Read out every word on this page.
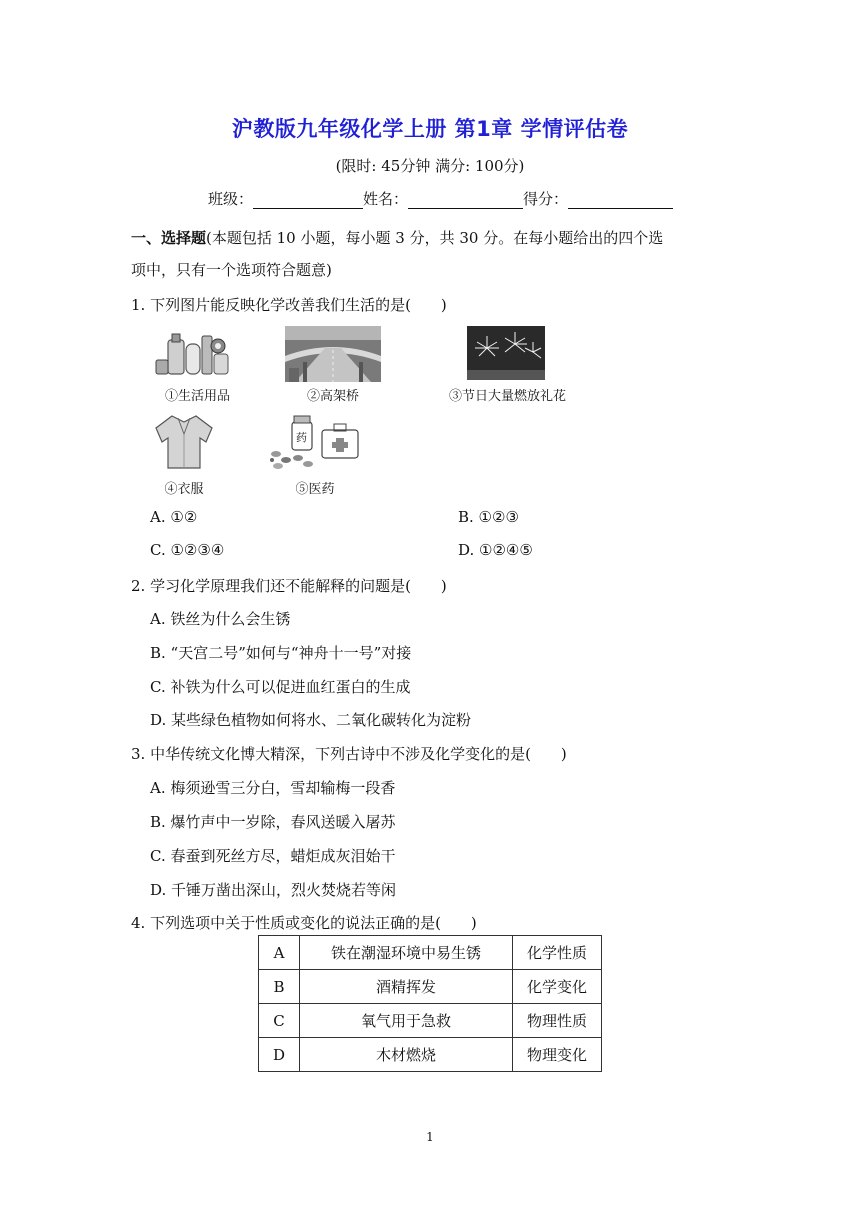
沪教版九年级化学上册 第1章 学情评估卷
(限时: 45分钟 满分: 100分)
班级：	姓名：	得分：
一、选择题(本题包括 10 小题，每小题 3 分，共 30 分。在每小题给出的四个选
项中，只有一个选项符合题意)
1. 下列图片能反映化学改善我们生活的是(　　)
①生活用品	②高架桥	③节日大量燃放礼花
④衣服
药
⑤医药
A. ①②	B. ①②③
C. ①②③④	D. ①②④⑤
2. 学习化学原理我们还不能解释的问题是(　　)
A. 铁丝为什么会生锈
B. “天宫二号”如何与“神舟十一号”对接
C. 补铁为什么可以促进血红蛋白的生成
D. 某些绿色植物如何将水、二氧化碳转化为淀粉
3. 中华传统文化博大精深，下列古诗中不涉及化学变化的是(　　)
A. 梅须逊雪三分白，雪却输梅一段香
B. 爆竹声中一岁除，春风送暖入屠苏
C. 春蚕到死丝方尽，蜡炬成灰泪始干
D. 千锤万凿出深山，烈火焚烧若等闲
4. 下列选项中关于性质或变化的说法正确的是(　　)
A	铁在潮湿环境中易生锈	化学性质
B	酒精挥发	化学变化
C	氧气用于急救	物理性质
D	木材燃烧	物理变化
1
